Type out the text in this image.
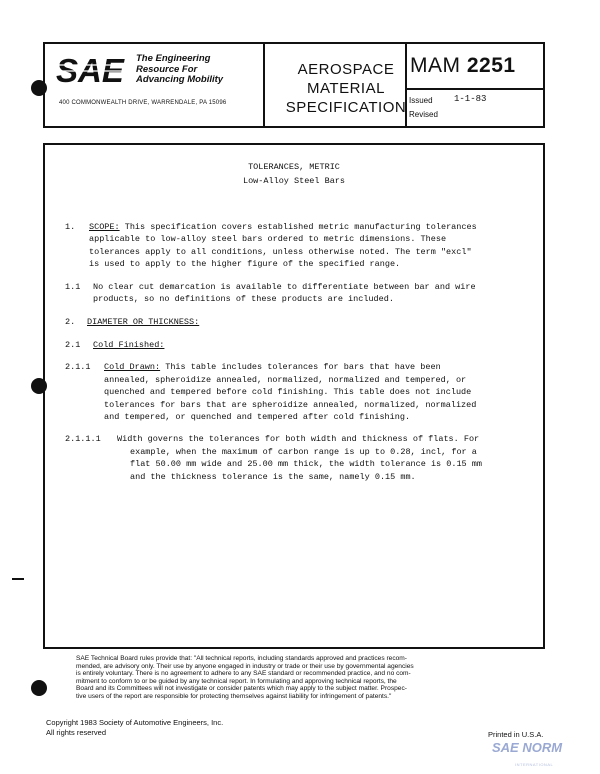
SAE The Engineering
Resource For
Advancing Mobility
400 COMMONWEALTH DRIVE, WARRENDALE, PA 15096
AEROSPACE
MATERIAL
SPECIFICATION
MAM 2251
Issued 1-1-83
Revised
TOLERANCES, METRIC
Low-Alloy Steel Bars
1. SCOPE: This specification covers established metric manufacturing tolerances
applicable to low-alloy steel bars ordered to metric dimensions. These
tolerances apply to all conditions, unless otherwise noted. The term "excl"
is used to apply to the higher figure of the specified range.
1.1 No clear cut demarcation is available to differentiate between bar and wire
products, so no definitions of these products are included.
2. DIAMETER OR THICKNESS:
2.1 Cold Finished:
2.1.1 Cold Drawn: This table includes tolerances for bars that have been
annealed, spheroidize annealed, normalized, normalized and tempered, or
quenched and tempered before cold finishing. This table does not include
tolerances for bars that are spheroidize annealed, normalized, normalized
and tempered, or quenched and tempered after cold finishing.
2.1.1.1 Width governs the tolerances for both width and thickness of flats. For
example, when the maximum of carbon range is up to 0.28, incl, for a
flat 50.00 mm wide and 25.00 mm thick, the width tolerance is 0.15 mm
and the thickness tolerance is the same, namely 0.15 mm.
SAE Technical Board rules provide that: "All technical reports, including standards approved and practices recom-
mended, are advisory only. Their use by anyone engaged in industry or trade or their use by governmental agencies
is entirely voluntary. There is no agreement to adhere to any SAE standard or recommended practice, and no com-
mitment to conform to or be guided by any technical report. In formulating and approving technical reports, the
Board and its Committees will not investigate or consider patents which may apply to the subject matter. Prospec-
tive users of the report are responsible for protecting themselves against liability for infringement of patents."
Copyright 1983 Society of Automotive Engineers, Inc.
All rights reserved	Printed in U.S.A.
SAE NORM
INTERNATIONAL
